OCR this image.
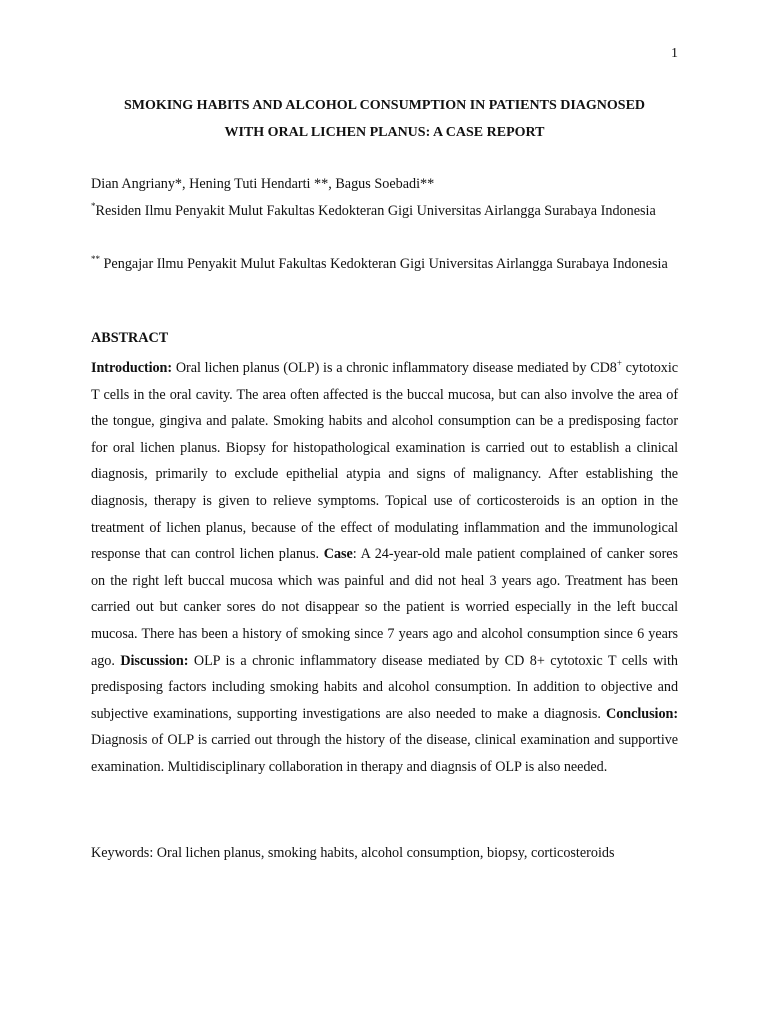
1
SMOKING HABITS AND ALCOHOL CONSUMPTION IN PATIENTS DIAGNOSED
WITH ORAL LICHEN PLANUS: A CASE REPORT
Dian Angriany*, Hening Tuti Hendarti **, Bagus Soebadi**
*Residen Ilmu Penyakit Mulut Fakultas Kedokteran Gigi Universitas Airlangga Surabaya Indonesia
** Pengajar Ilmu Penyakit Mulut Fakultas Kedokteran Gigi Universitas Airlangga Surabaya Indonesia
ABSTRACT
Introduction: Oral lichen planus (OLP) is a chronic inflammatory disease mediated by CD8+ cytotoxic T cells in the oral cavity. The area often affected is the buccal mucosa, but can also involve the area of the tongue, gingiva and palate. Smoking habits and alcohol consumption can be a predisposing factor for oral lichen planus. Biopsy for histopathological examination is carried out to establish a clinical diagnosis, primarily to exclude epithelial atypia and signs of malignancy. After establishing the diagnosis, therapy is given to relieve symptoms. Topical use of corticosteroids is an option in the treatment of lichen planus, because of the effect of modulating inflammation and the immunological response that can control lichen planus. Case: A 24-year-old male patient complained of canker sores on the right left buccal mucosa which was painful and did not heal 3 years ago. Treatment has been carried out but canker sores do not disappear so the patient is worried especially in the left buccal mucosa. There has been a history of smoking since 7 years ago and alcohol consumption since 6 years ago. Discussion: OLP is a chronic inflammatory disease mediated by CD 8+ cytotoxic T cells with predisposing factors including smoking habits and alcohol consumption. In addition to objective and subjective examinations, supporting investigations are also needed to make a diagnosis. Conclusion: Diagnosis of OLP is carried out through the history of the disease, clinical examination and supportive examination. Multidisciplinary collaboration in therapy and diagnsis of OLP is also needed.
Keywords: Oral lichen planus, smoking habits, alcohol consumption, biopsy, corticosteroids
